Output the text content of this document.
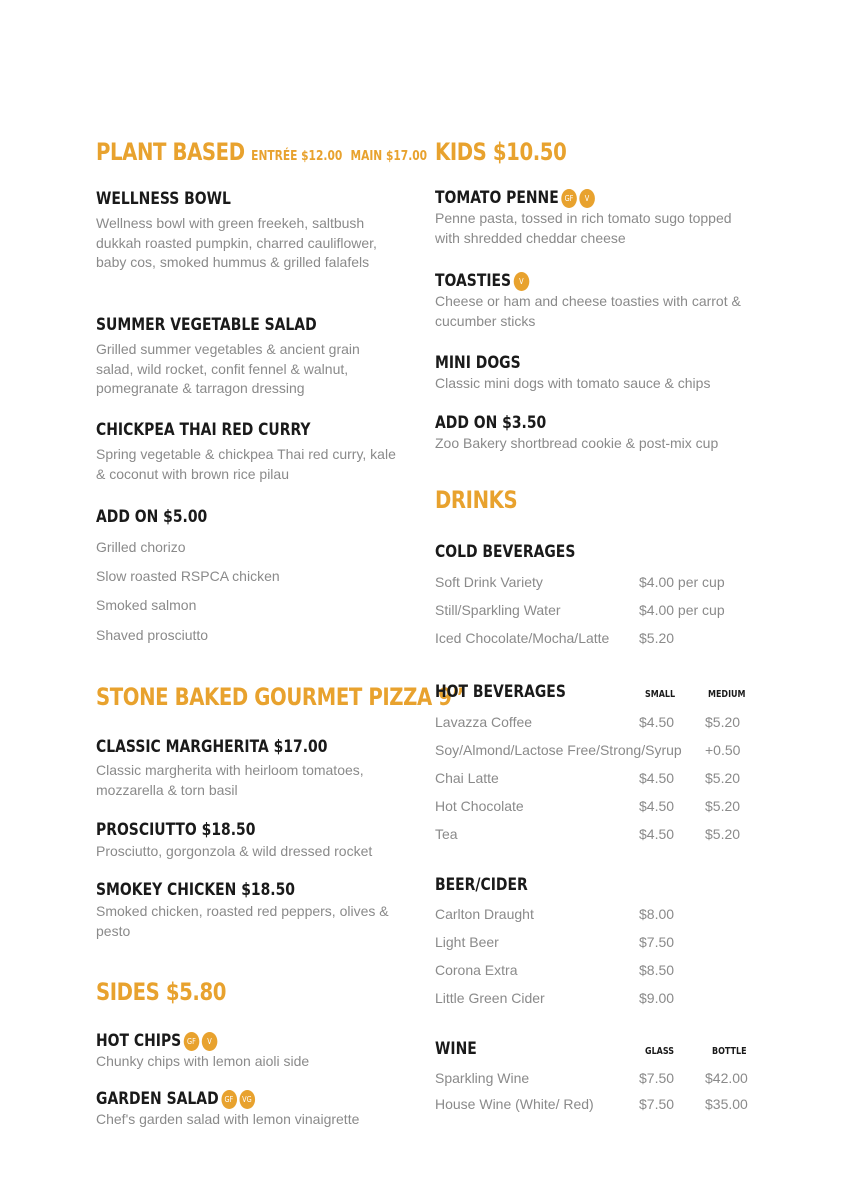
PLANT BASED ENTRÉE $12.00 MAIN $17.00
WELLNESS BOWL
Wellness bowl with green freekeh, saltbush dukkah roasted pumpkin, charred cauliflower, baby cos, smoked hummus & grilled falafels
SUMMER VEGETABLE SALAD
Grilled summer vegetables & ancient grain salad, wild rocket, confit fennel & walnut, pomegranate & tarragon dressing
CHICKPEA THAI RED CURRY
Spring vegetable & chickpea Thai red curry, kale & coconut with brown rice pilau
ADD ON $5.00
Grilled chorizo
Slow roasted RSPCA chicken
Smoked salmon
Shaved prosciutto
STONE BAKED GOURMET PIZZA 9”
CLASSIC MARGHERITA $17.00
Classic margherita with heirloom tomatoes, mozzarella & torn basil
PROSCIUTTO $18.50
Prosciutto, gorgonzola & wild dressed rocket
SMOKEY CHICKEN $18.50
Smoked chicken, roasted red peppers, olives & pesto
SIDES $5.80
HOT CHIPS GF	V
Chunky chips with lemon aioli side
GARDEN SALAD GF	VG
Chef's garden salad with lemon vinaigrette
KIDS $10.50
TOMATO PENNE GF	V
Penne pasta, tossed in rich tomato sugo topped with shredded cheddar cheese
TOASTIES V
Cheese or ham and cheese toasties with carrot & cucumber sticks
MINI DOGS
Classic mini dogs with tomato sauce & chips
ADD ON $3.50
Zoo Bakery shortbread cookie & post-mix cup
DRINKS
COLD BEVERAGES
Soft Drink Variety	$4.00 per cup
Still/Sparkling Water	$4.00 per cup
Iced Chocolate/Mocha/Latte $5.20
HOT BEVERAGES	SMALL	MEDIUM
Lavazza Coffee	$4.50 $5.20
Soy/Almond/Lactose Free/Strong/Syrup +0.50
Chai Latte	$4.50 $5.20
Hot Chocolate	$4.50 $5.20
Tea	$4.50 $5.20
BEER/CIDER
Carlton Draught	$8.00
Light Beer	$7.50
Corona Extra	$8.50
Little Green Cider	$9.00
WINE	GLASS	BOTTLE
Sparkling Wine	$7.50 $42.00
House Wine (White/ Red)	$7.50 $35.00
